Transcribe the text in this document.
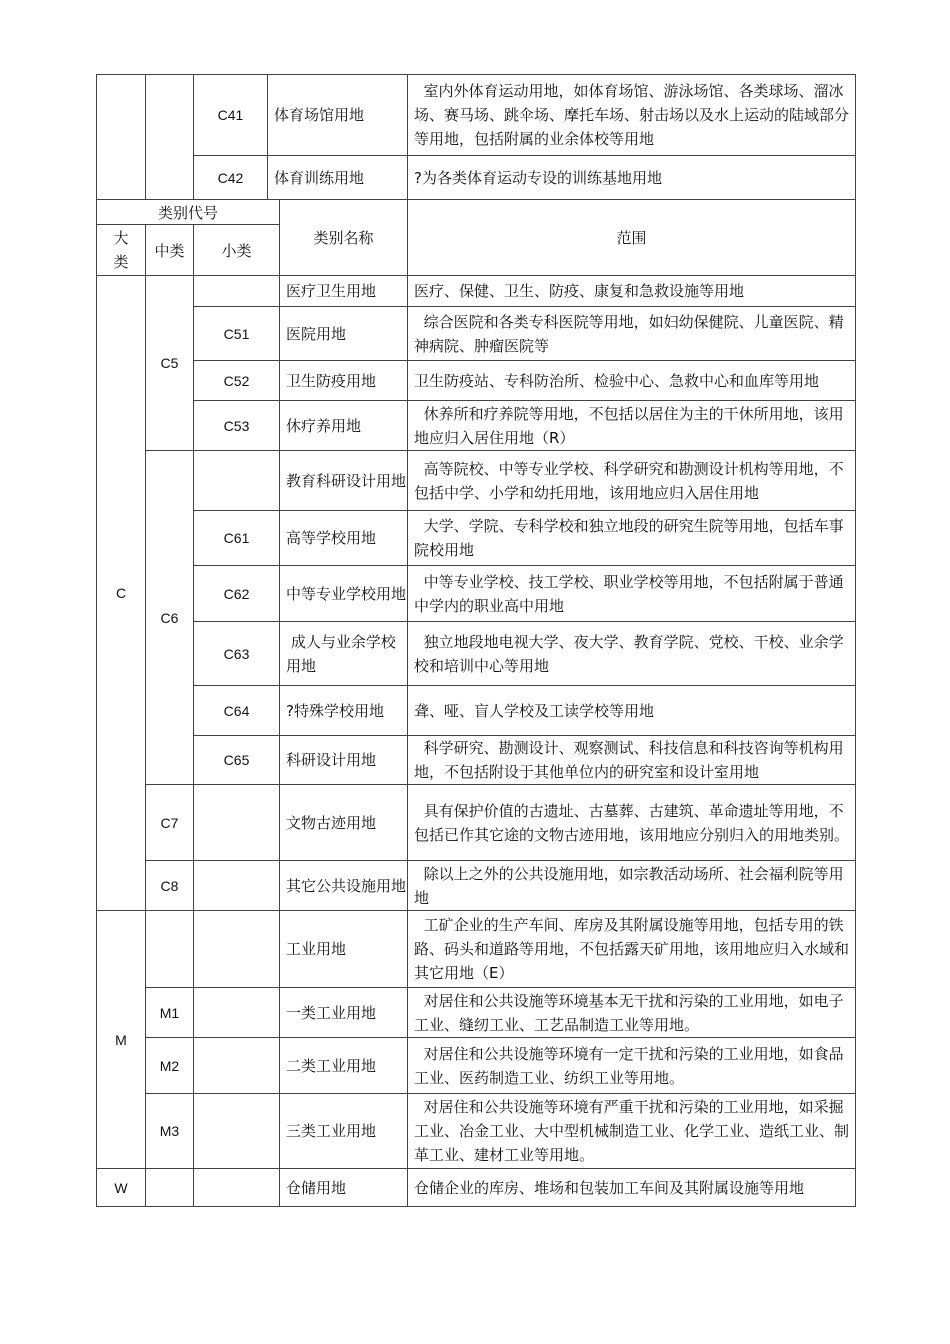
		C41	体育场馆用地	室内外体育运动用地，如体育场馆、游泳场馆、各类球场、溜冰场、赛马场、跳伞场、摩托车场、射击场以及水上运动的陆域部分等用地，包括附属的业余体校等用地
		C42	体育训练用地	?为各类体育运动专设的训练基地用地
类别代号			类别名称	范围
大类	中类	小类		
C	C5		医疗卫生用地	医疗、保健、卫生、防疫、康复和急救设施等用地
		C51	医院用地	综合医院和各类专科医院等用地，如妇幼保健院、儿童医院、精神病院、肿瘤医院等
		C52	卫生防疫用地	卫生防疫站、专科防治所、检验中心、急救中心和血库等用地
		C53	休疗养用地	休养所和疗养院等用地，不包括以居住为主的干休所用地，该用地应归入居住用地（R）
	C6		教育科研设计用地	高等院校、中等专业学校、科学研究和勘测设计机构等用地，不包括中学、小学和幼托用地，该用地应归入居住用地
		C61	高等学校用地	大学、学院、专科学校和独立地段的研究生院等用地，包括车事院校用地
		C62	中等专业学校用地	中等专业学校、技工学校、职业学校等用地，不包括附属于普通中学内的职业高中用地
		C63	成人与业余学校用地	独立地段地电视大学、夜大学、教育学院、党校、干校、业余学校和培训中心等用地
		C64	?特殊学校用地	聋、哑、盲人学校及工读学校等用地
		C65	科研设计用地	科学研究、勘测设计、观察测试、科技信息和科技咨询等机构用地，不包括附设于其他单位内的研究室和设计室用地
	C7		文物古迹用地	具有保护价值的古遗址、古墓葬、古建筑、革命遗址等用地，不包括已作其它途的文物古迹用地，该用地应分别归入的用地类别。
	C8		其它公共设施用地	除以上之外的公共设施用地，如宗教活动场所、社会福利院等用地
M			工业用地	工矿企业的生产车间、库房及其附属设施等用地，包括专用的铁路、码头和道路等用地，不包括露天矿用地，该用地应归入水域和其它用地（E）
	M1		一类工业用地	对居住和公共设施等环境基本无干扰和污染的工业用地，如电子工业、缝纫工业、工艺品制造工业等用地。
	M2		二类工业用地	对居住和公共设施等环境有一定干扰和污染的工业用地，如食品工业、医药制造工业、纺织工业等用地。
	M3		三类工业用地	对居住和公共设施等环境有严重干扰和污染的工业用地，如采掘工业、冶金工业、大中型机械制造工业、化学工业、造纸工业、制革工业、建材工业等用地。
W			仓储用地	仓储企业的库房、堆场和包装加工车间及其附属设施等用地
